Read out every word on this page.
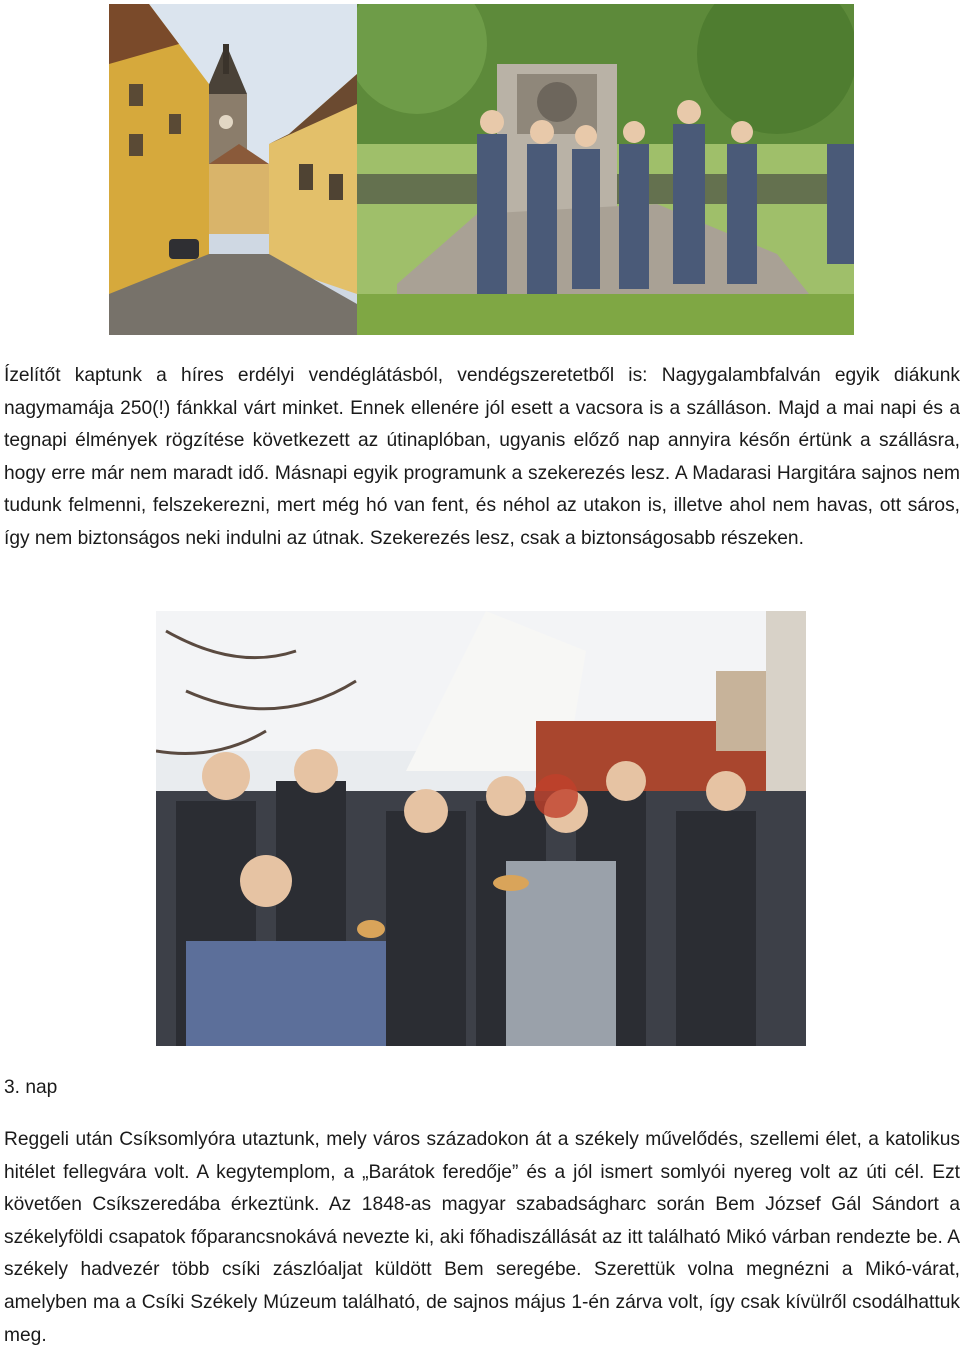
Ízelítőt kaptunk a híres erdélyi vendéglátásból, vendégszeretetből is: Nagygalambfalván egyik diákunk nagymamája 250(!) fánkkal várt minket. Ennek ellenére jól esett a vacsora is a szálláson. Majd a mai napi és a tegnapi élmények rögzítése következett az útinaplóban, ugyanis előző nap annyira későn értünk a szállásra, hogy erre már nem maradt idő. Másnapi egyik programunk a szekerezés lesz. A Madarasi Hargitára sajnos nem tudunk felmenni, felszekerezni, mert még hó van fent, és néhol az utakon is, illetve ahol nem havas, ott sáros, így nem biztonságos neki indulni az útnak. Szekerezés lesz, csak a biztonságosabb részeken.

3. nap

Reggeli után Csíksomlyóra utaztunk, mely város századokon át a székely művelődés, szellemi élet, a katolikus hitélet fellegvára volt. A kegytemplom, a „Barátok feredője” és a jól ismert somlyói nyereg volt az úti cél. Ezt követően Csíkszeredába érkeztünk. Az 1848-as magyar szabadságharc során Bem József Gál Sándort a székelyföldi csapatok főparancsnokává nevezte ki, aki főhadiszállását az itt található Mikó várban rendezte be. A székely hadvezér több csíki zászlóaljat küldött Bem seregébe. Szerettük volna megnézni a Mikó-várat, amelyben ma a Csíki Székely Múzeum található, de sajnos május 1-én zárva volt, így csak kívülről csodálhattuk meg.
